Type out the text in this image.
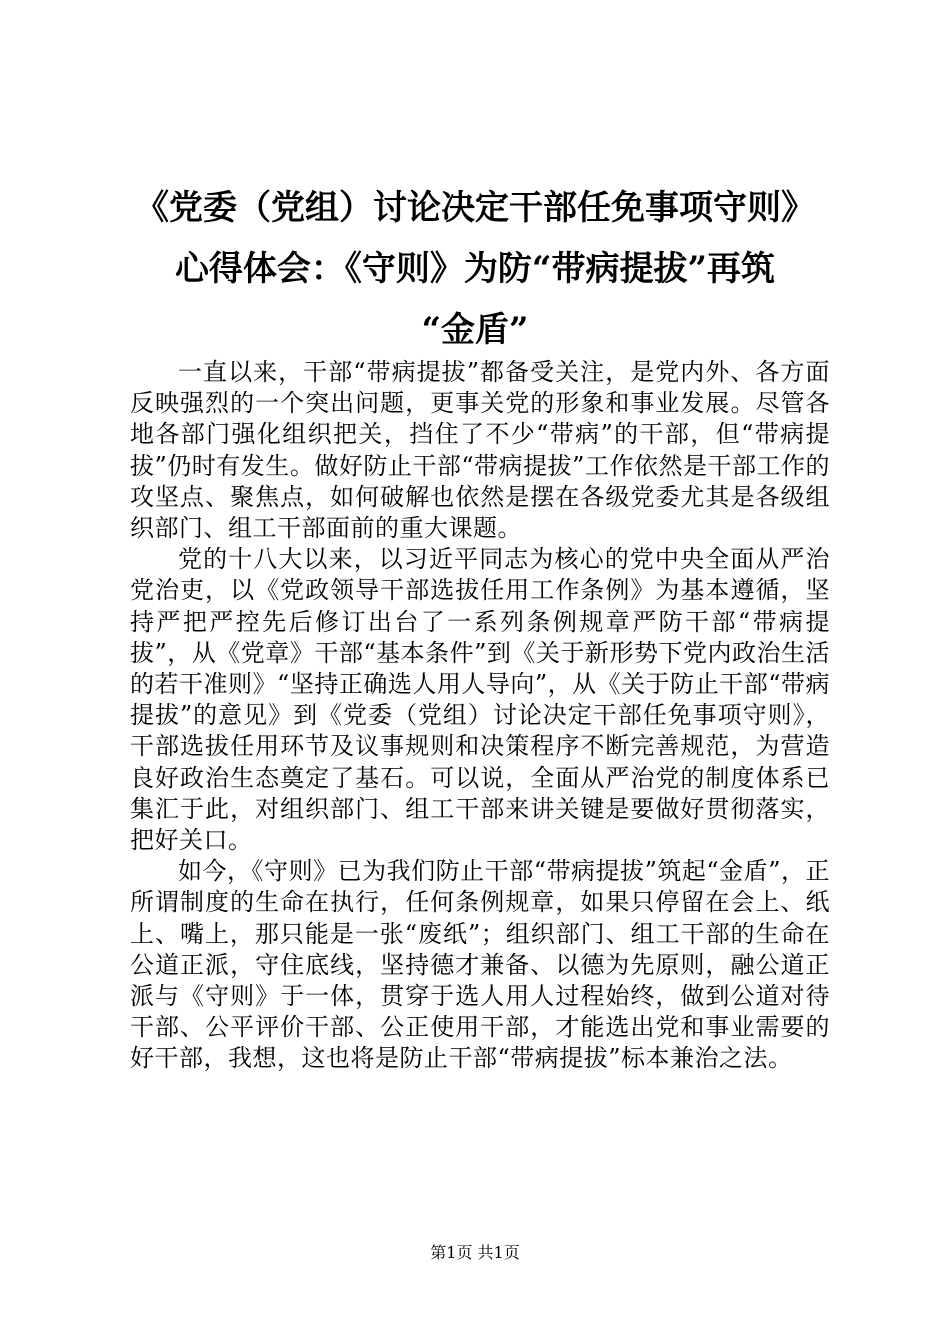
《党委（党组）讨论决定干部任免事项守则》
心得体会：《守则》为防“带病提拔”再筑
“金盾”

一直以来，干部“带病提拔”都备受关注，是党内外、各方面反映强烈的一个突出问题，更事关党的形象和事业发展。尽管各地各部门强化组织把关，挡住了不少“带病”的干部，但“带病提拔”仍时有发生。做好防止干部“带病提拔”工作依然是干部工作的攻坚点、聚焦点，如何破解也依然是摆在各级党委尤其是各级组织部门、组工干部面前的重大课题。

党的十八大以来，以习近平同志为核心的党中央全面从严治党治吏，以《党政领导干部选拔任用工作条例》为基本遵循，坚持严把严控先后修订出台了一系列条例规章严防干部“带病提拔”，从《党章》干部“基本条件”到《关于新形势下党内政治生活的若干准则》“坚持正确选人用人导向”，从《关于防止干部“带病提拔”的意见》到《党委（党组）讨论决定干部任免事项守则》，干部选拔任用环节及议事规则和决策程序不断完善规范，为营造良好政治生态奠定了基石。可以说，全面从严治党的制度体系已集汇于此，对组织部门、组工干部来讲关键是要做好贯彻落实，把好关口。

如今，《守则》已为我们防止干部“带病提拔”筑起“金盾”，正所谓制度的生命在执行，任何条例规章，如果只停留在会上、纸上、嘴上，那只能是一张“废纸”；组织部门、组工干部的生命在公道正派，守住底线，坚持德才兼备、以德为先原则，融公道正派与《守则》于一体，贯穿于选人用人过程始终，做到公道对待干部、公平评价干部、公正使用干部，才能选出党和事业需要的好干部，我想，这也将是防止干部“带病提拔”标本兼治之法。

第1页 共1页
